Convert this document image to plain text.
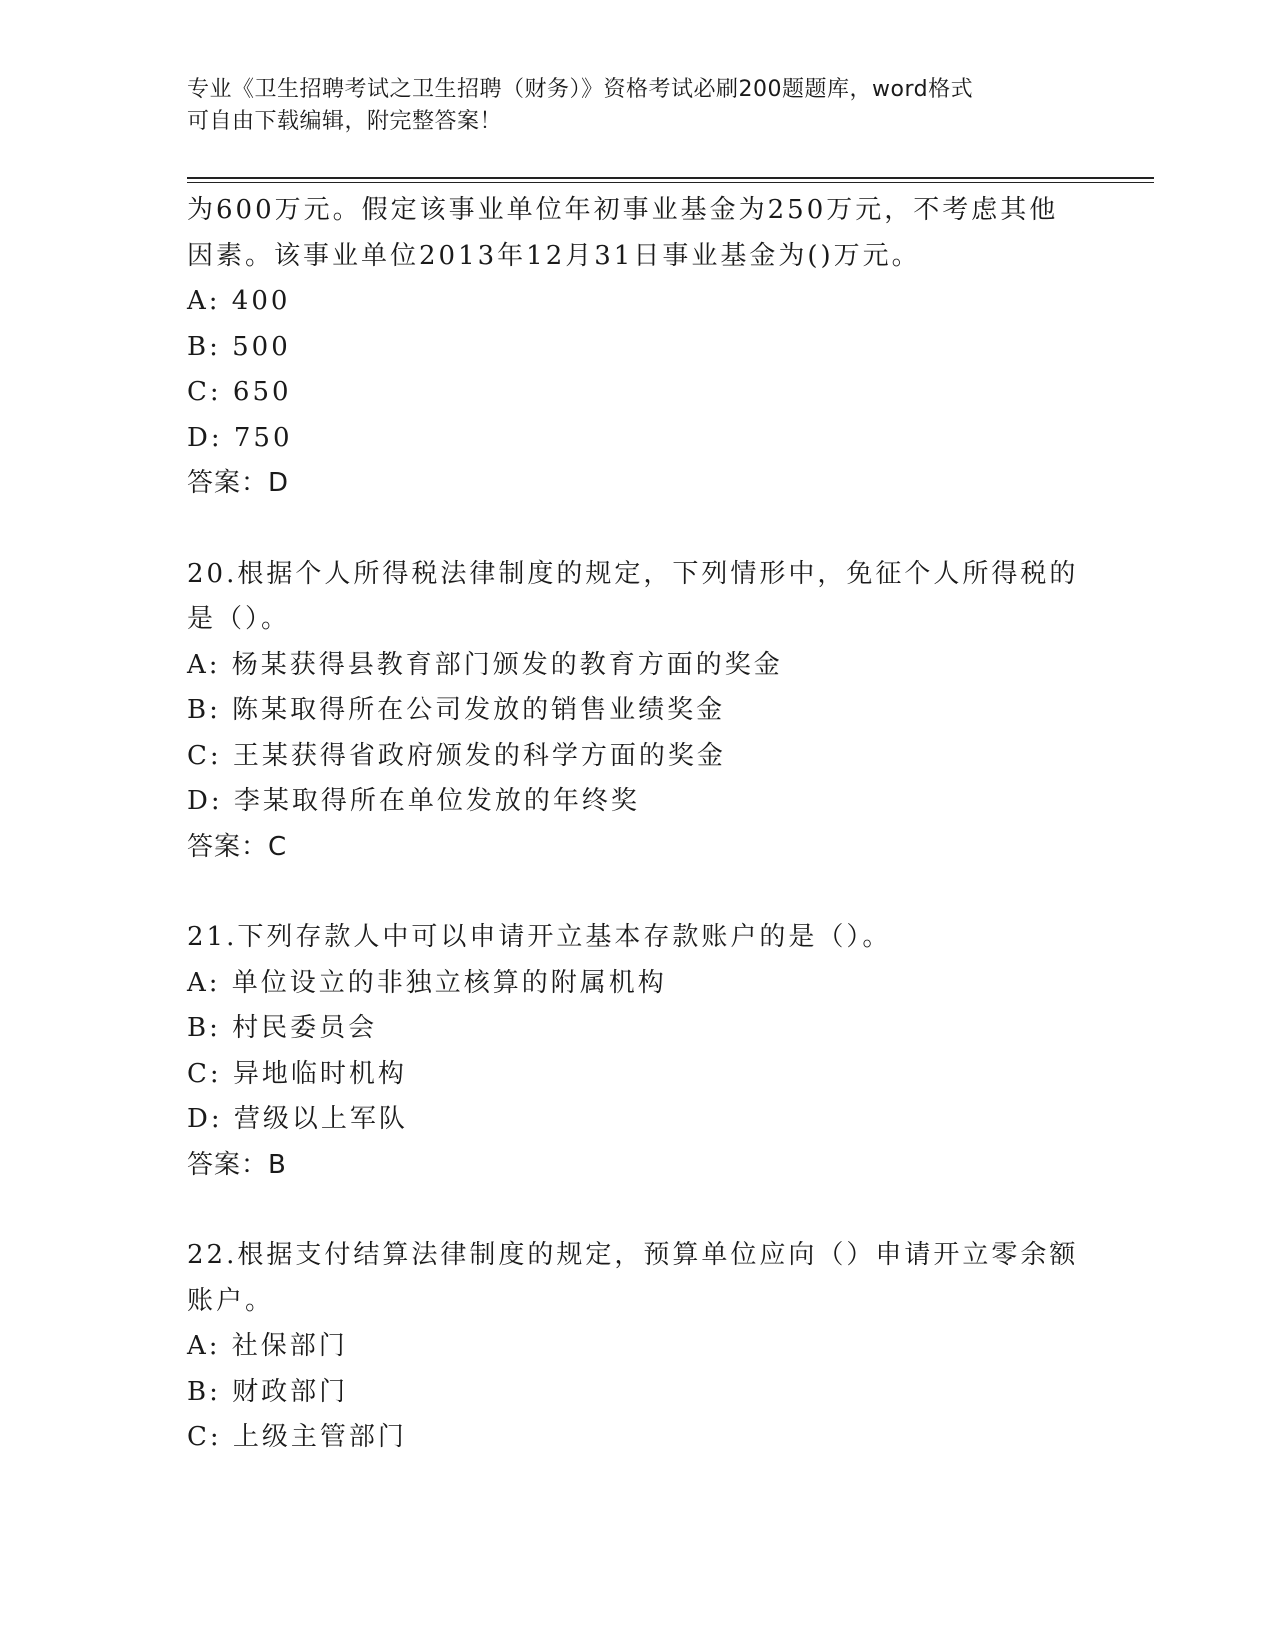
专业《卫生招聘考试之卫生招聘（财务）》资格考试必刷200题题库，word格式
可自由下载编辑，附完整答案！
为600万元。假定该事业单位年初事业基金为250万元，不考虑其他
因素。该事业单位2013年12月31日事业基金为()万元。
A: 400
B: 500
C: 650
D: 750
答案：D
20.根据个人所得税法律制度的规定，下列情形中，免征个人所得税的
是（）。
A: 杨某获得县教育部门颁发的教育方面的奖金
B: 陈某取得所在公司发放的销售业绩奖金
C: 王某获得省政府颁发的科学方面的奖金
D: 李某取得所在单位发放的年终奖
答案：C
21.下列存款人中可以申请开立基本存款账户的是（）。
A: 单位设立的非独立核算的附属机构
B: 村民委员会
C: 异地临时机构
D: 营级以上军队
答案：B
22.根据支付结算法律制度的规定，预算单位应向（）申请开立零余额
账户。
A: 社保部门
B: 财政部门
C: 上级主管部门
